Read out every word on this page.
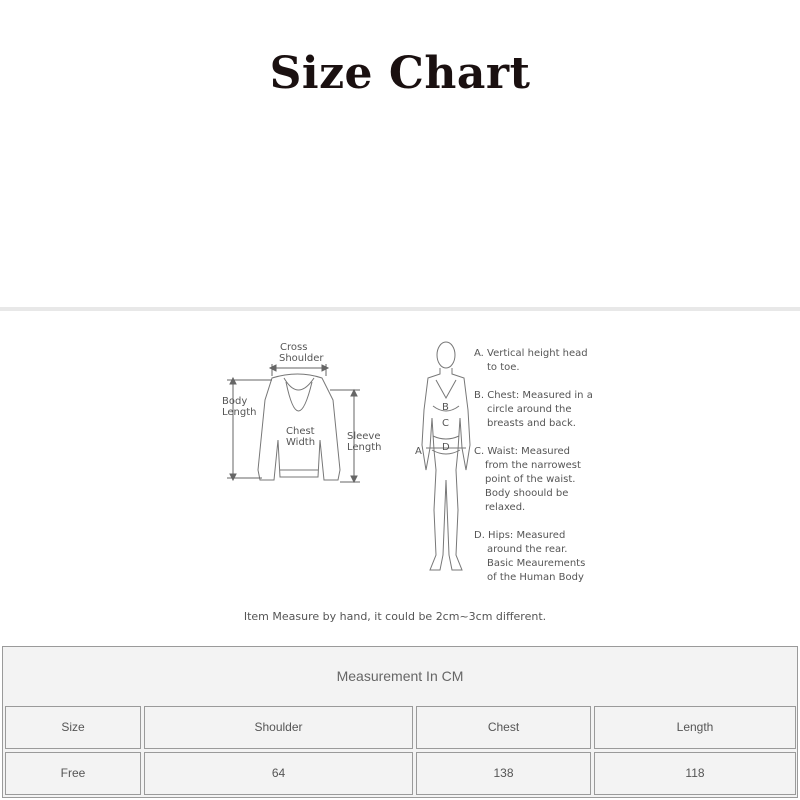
Size Chart
Cross
Shoulder
Body
Length
Chest
Width
Sleeve
Length
B
C
D
A
A. Vertical height head
to toe.
B. Chest: Measured in a
circle around the
breasts and back.
C. Waist: Measured
from the narrowest
point of the waist.
Body shoould be
relaxed.
D. Hips: Measured
around the rear.
Basic Meaurements
of the Human Body
Item Measure by hand, it could be 2cm~3cm different.
Measurement In CM
Size	Shoulder	Chest	Length
Free	64	138	118
